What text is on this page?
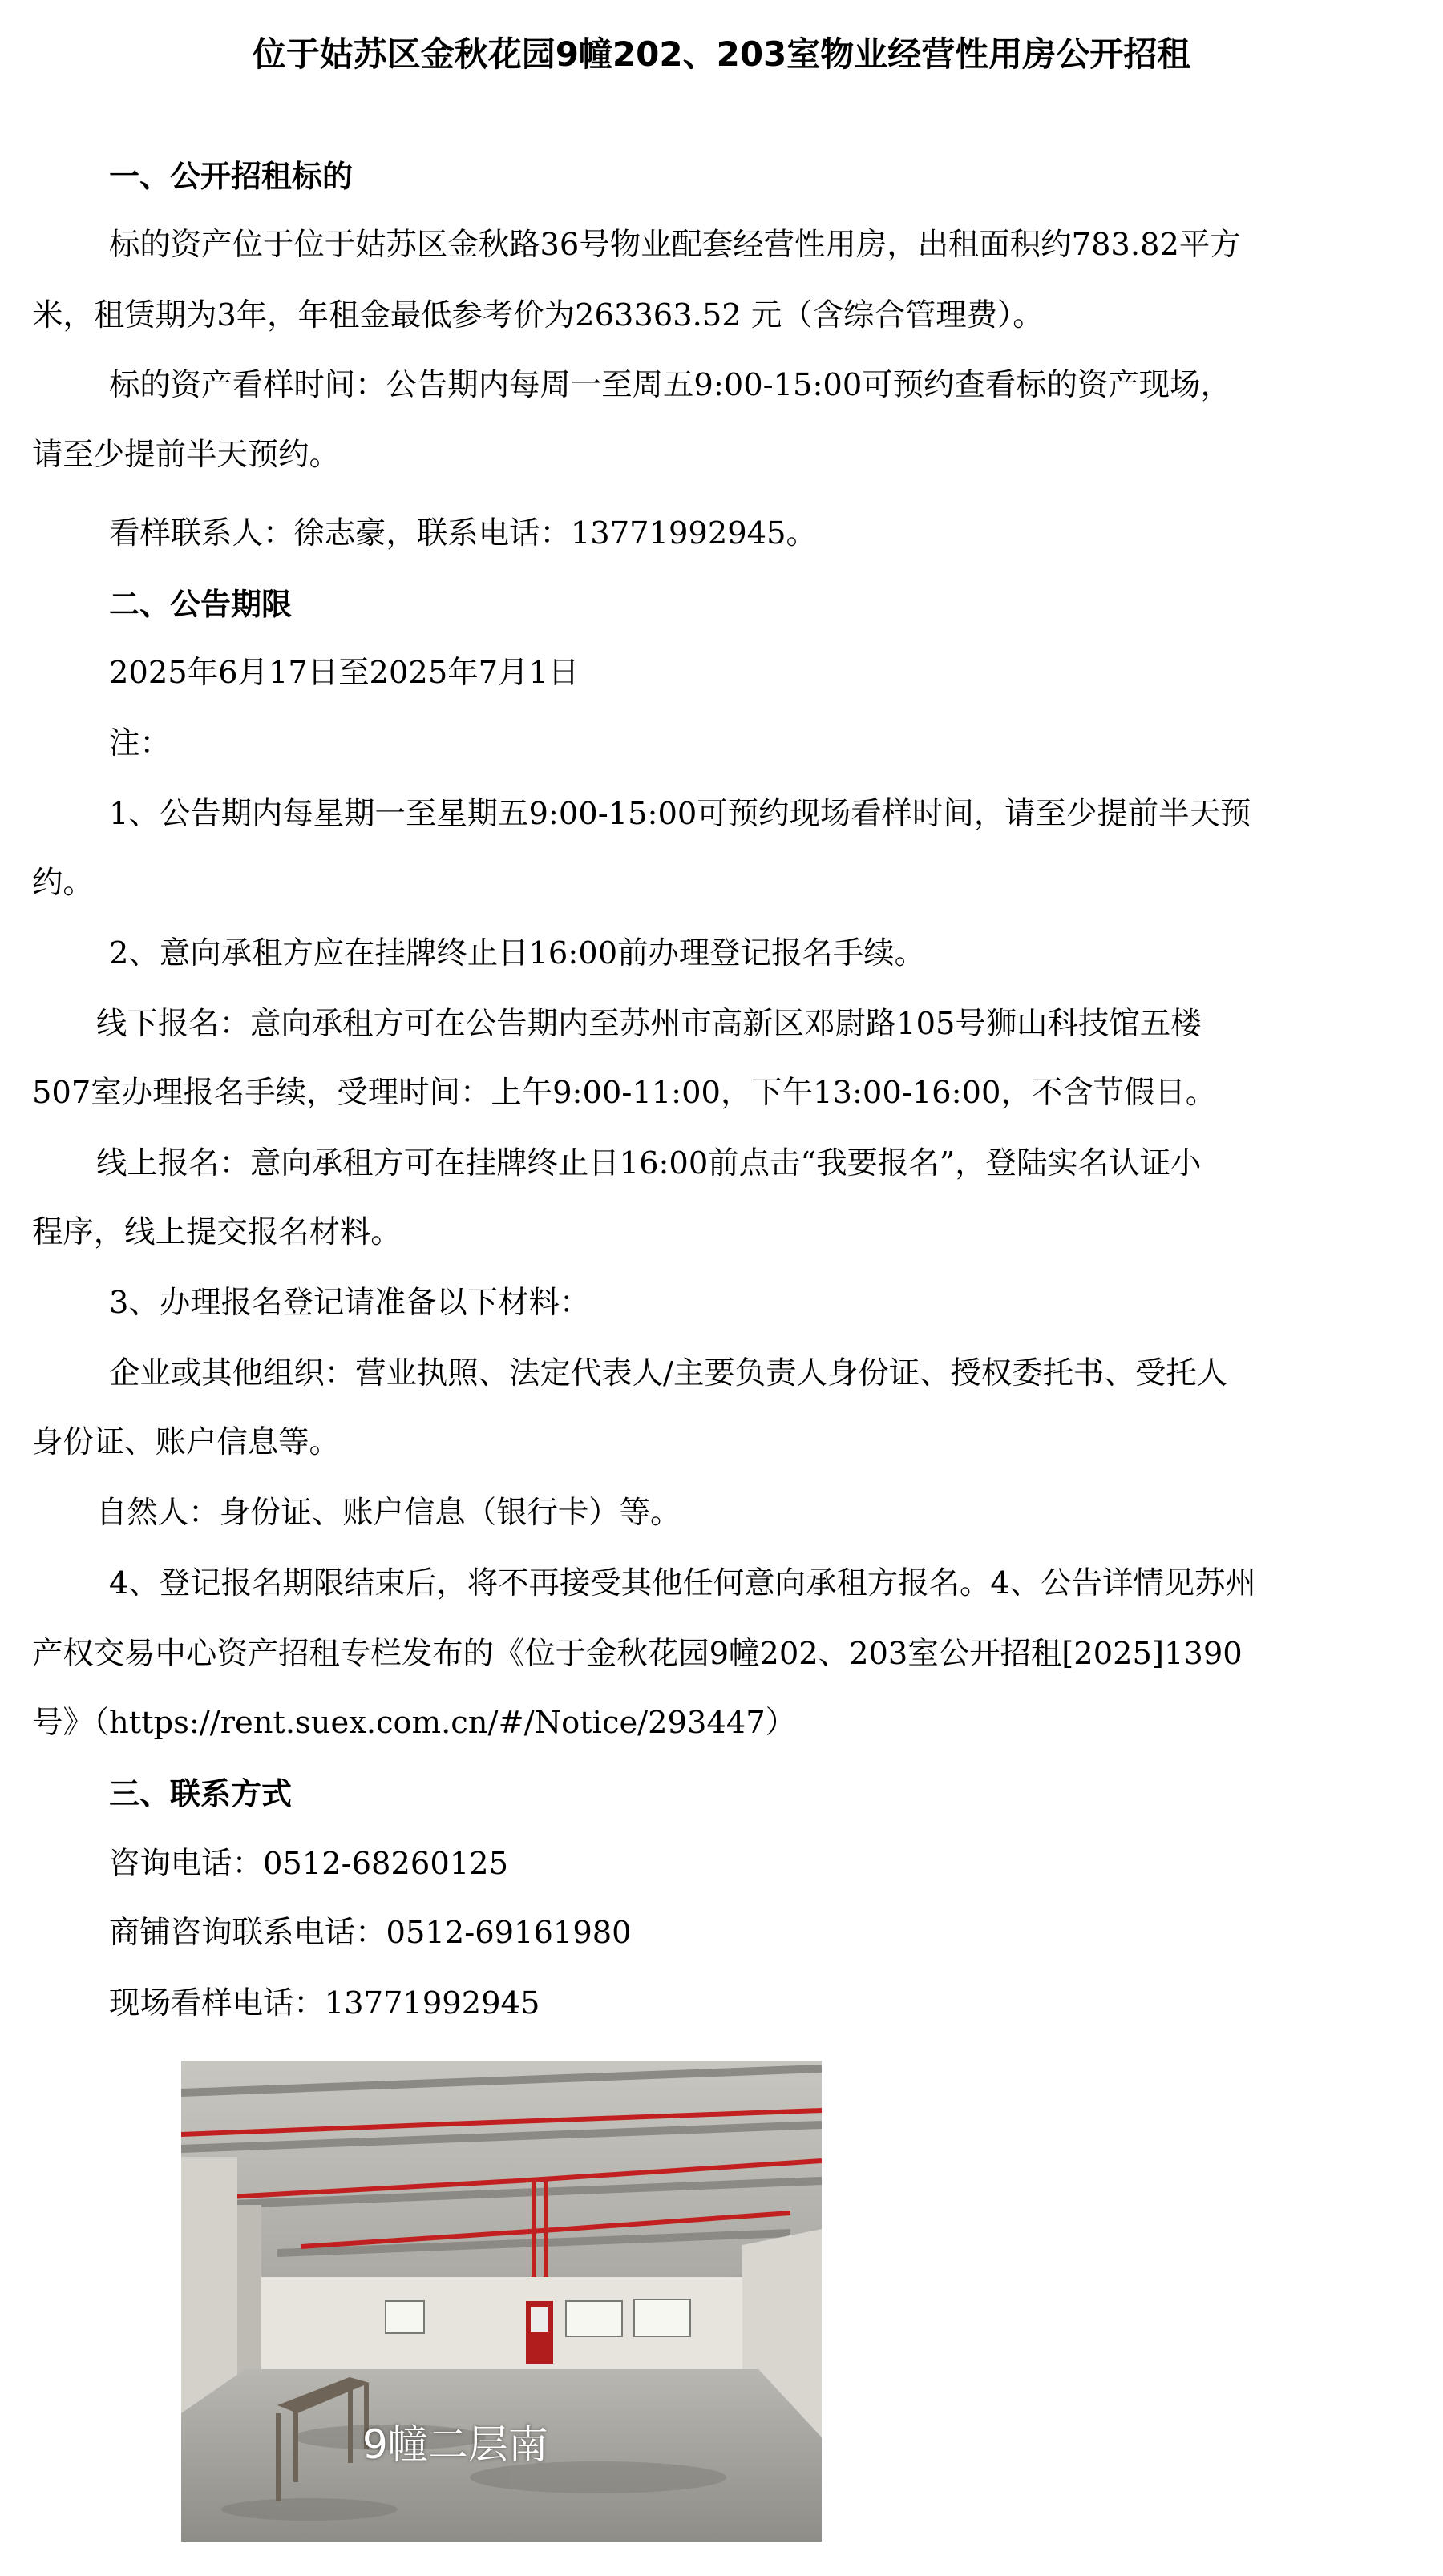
位于姑苏区金秋花园9幢202、203室物业经营性用房公开招租
一、公开招租标的
标的资产位于位于姑苏区金秋路36号物业配套经营性用房，出租面积约783.82平方
米，租赁期为3年，年租金最低参考价为263363.52 元（含综合管理费）。
标的资产看样时间：公告期内每周一至周五9:00-15:00可预约查看标的资产现场，
请至少提前半天预约。
看样联系人：徐志豪，联系电话：13771992945。
二、公告期限
2025年6月17日至2025年7月1日
注：
1、公告期内每星期一至星期五9:00-15:00可预约现场看样时间，请至少提前半天预
约。
2、意向承租方应在挂牌终止日16:00前办理登记报名手续。
线下报名：意向承租方可在公告期内至苏州市高新区邓尉路105号狮山科技馆五楼
507室办理报名手续，受理时间：上午9:00-11:00，下午13:00-16:00，不含节假日。
线上报名：意向承租方可在挂牌终止日16:00前点击“我要报名”，登陆实名认证小
程序，线上提交报名材料。
3、办理报名登记请准备以下材料：
企业或其他组织：营业执照、法定代表人/主要负责人身份证、授权委托书、受托人
身份证、账户信息等。
自然人：身份证、账户信息（银行卡）等。
4、登记报名期限结束后，将不再接受其他任何意向承租方报名。4、公告详情见苏州
产权交易中心资产招租专栏发布的《位于金秋花园9幢202、203室公开招租[2025]1390
号》（https://rent.suex.com.cn/#/Notice/293447）
三、联系方式
咨询电话：0512-68260125
商铺咨询联系电话：0512-69161980
现场看样电话：13771992945
9幢二层南
